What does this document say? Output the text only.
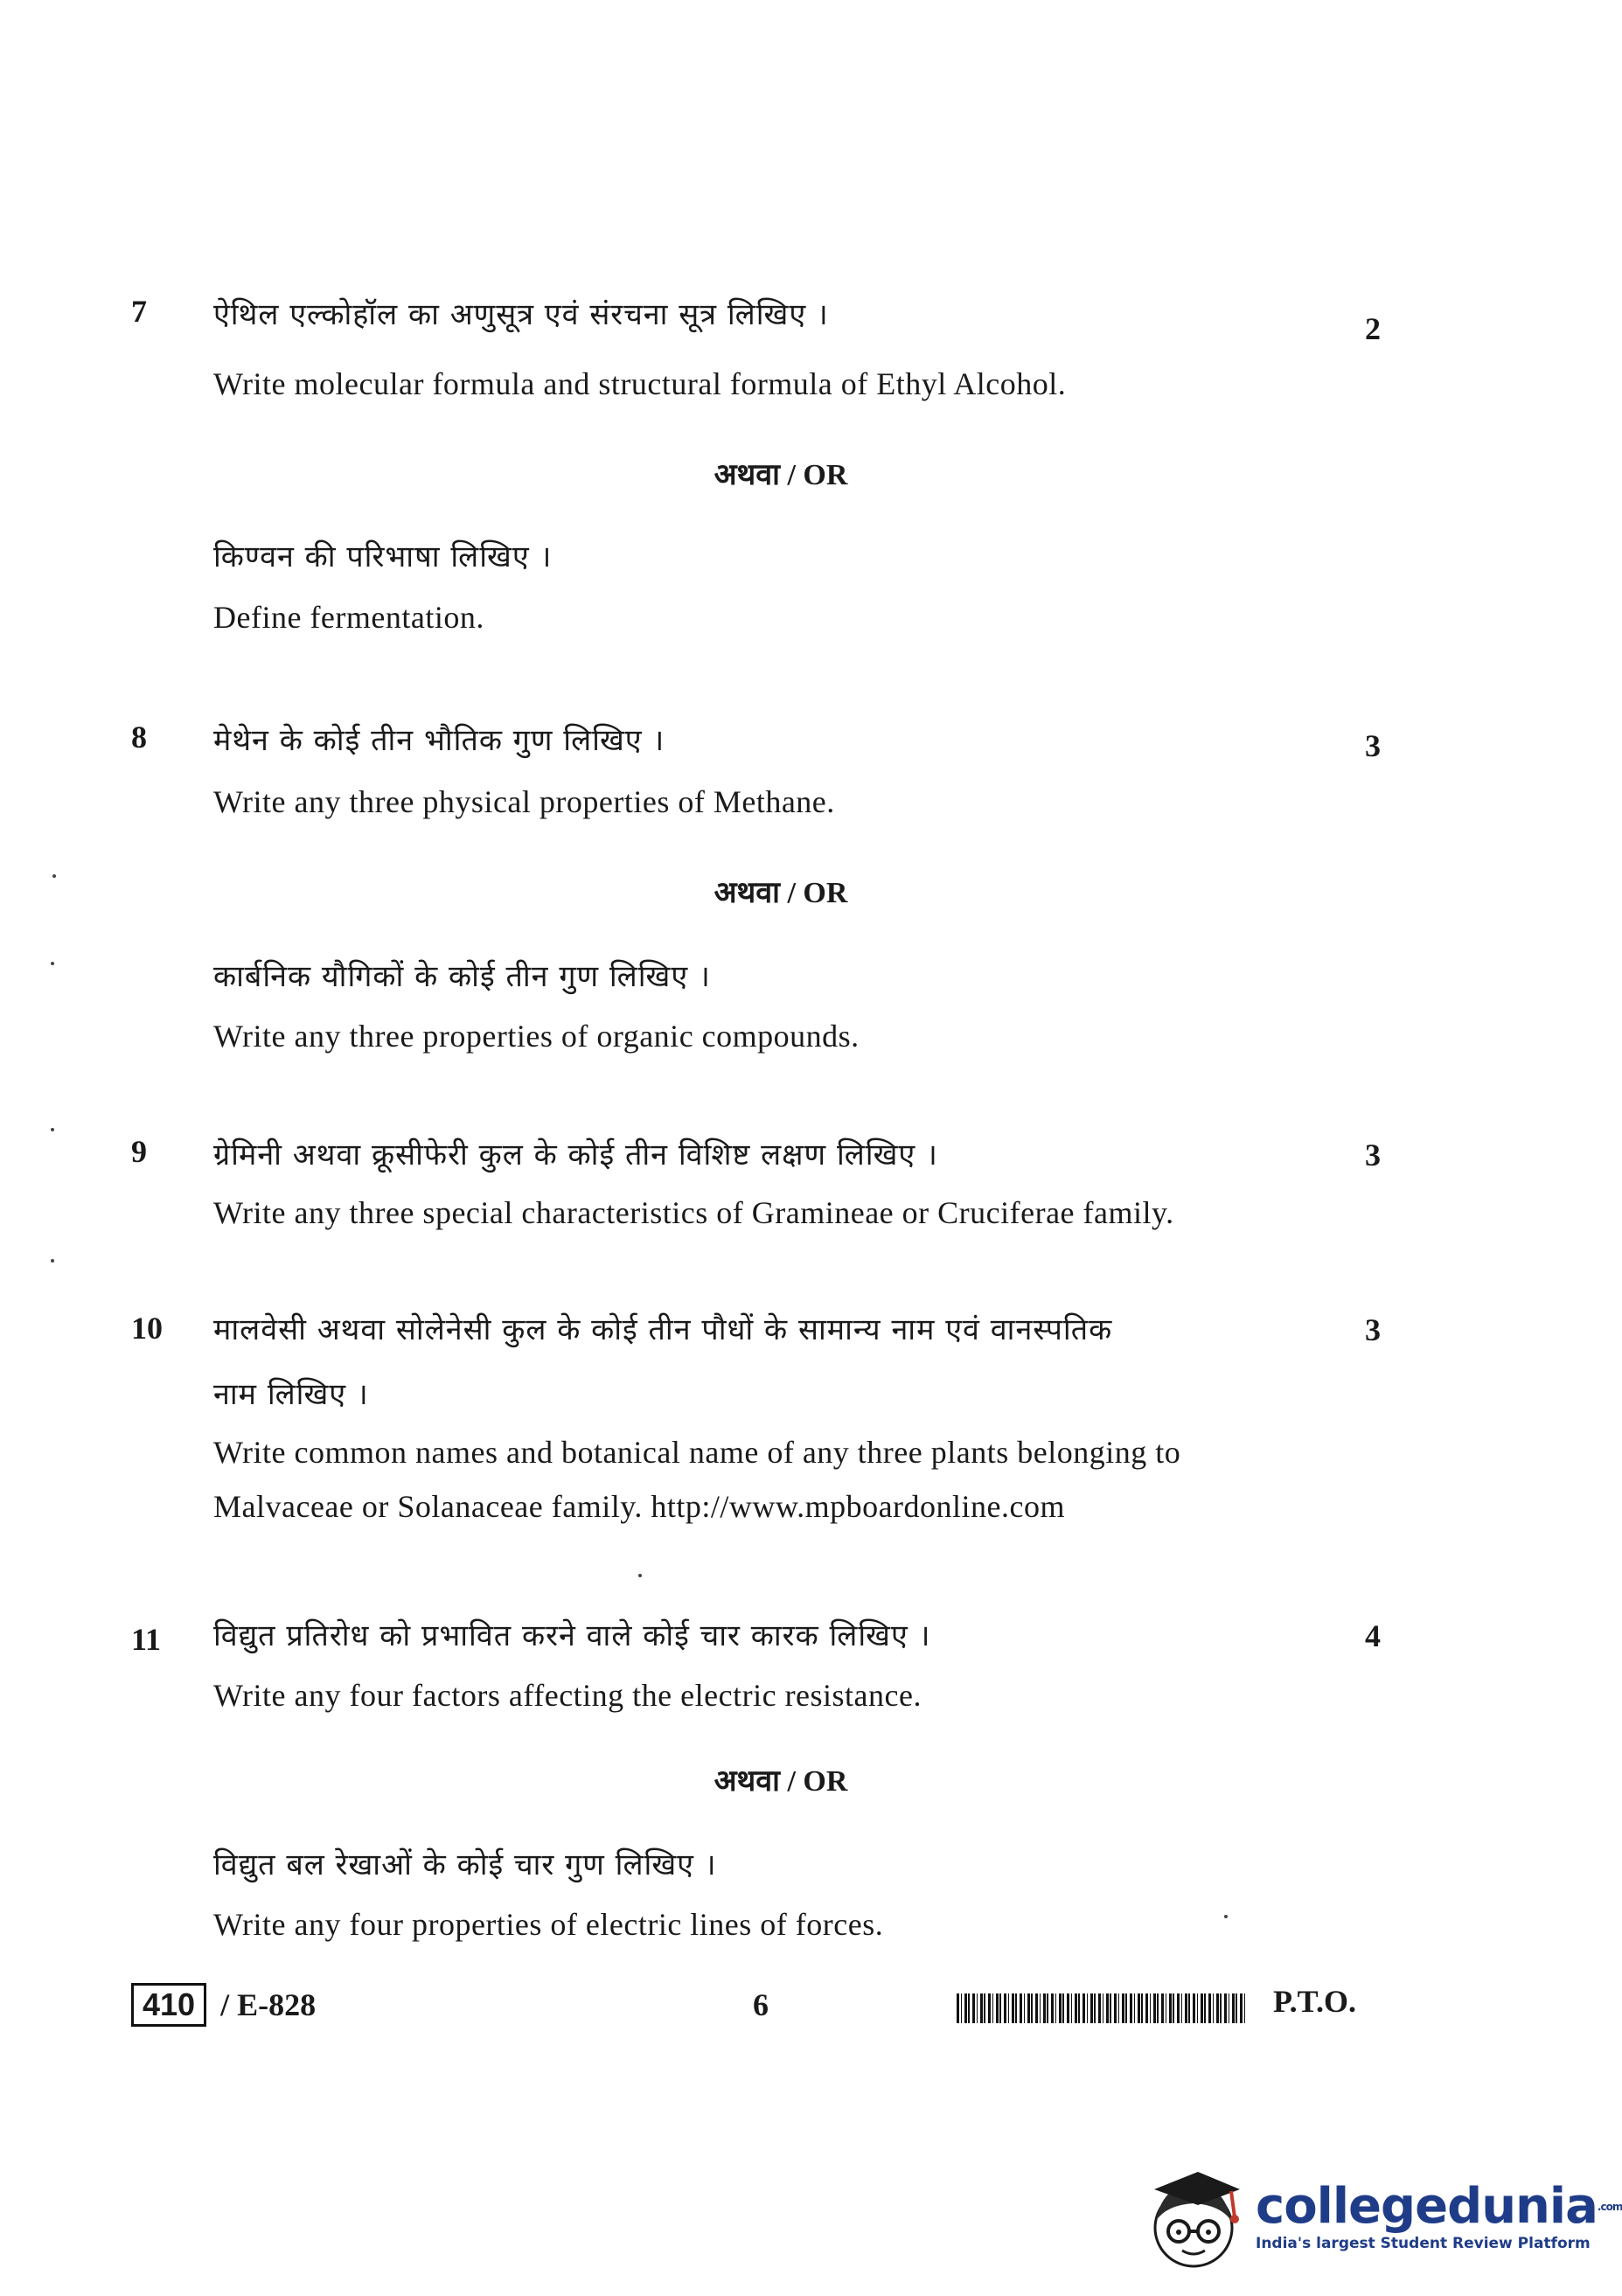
7	ऐथिल एल्कोहॉल का अणुसूत्र एवं संरचना सूत्र लिखिए ।	2
Write molecular formula and structural formula of Ethyl Alcohol.
अथवा / OR
किण्वन की परिभाषा लिखिए ।
Define fermentation.
8	मेथेन के कोई तीन भौतिक गुण लिखिए ।	3
Write any three physical properties of Methane.
अथवा / OR
कार्बनिक यौगिकों के कोई तीन गुण लिखिए ।
Write any three properties of organic compounds.
9	ग्रेमिनी अथवा क्रूसीफेरी कुल के कोई तीन विशिष्ट लक्षण लिखिए ।	3
Write any three special characteristics of Gramineae or Cruciferae family.
10	मालवेसी अथवा सोलेनेसी कुल के कोई तीन पौधों के सामान्य नाम एवं वानस्पतिक	3
नाम लिखिए ।
Write common names and botanical name of any three plants belonging to
Malvaceae or Solanaceae family. http://www.mpboardonline.com
11	विद्युत प्रतिरोध को प्रभावित करने वाले कोई चार कारक लिखिए ।	4
Write any four factors affecting the electric resistance.
अथवा / OR
विद्युत बल रेखाओं के कोई चार गुण लिखिए ।
Write any four properties of electric lines of forces.
410 / E-828	6	P.T.O.
collegedunia$^{.com}$
India's largest Student Review Platform
